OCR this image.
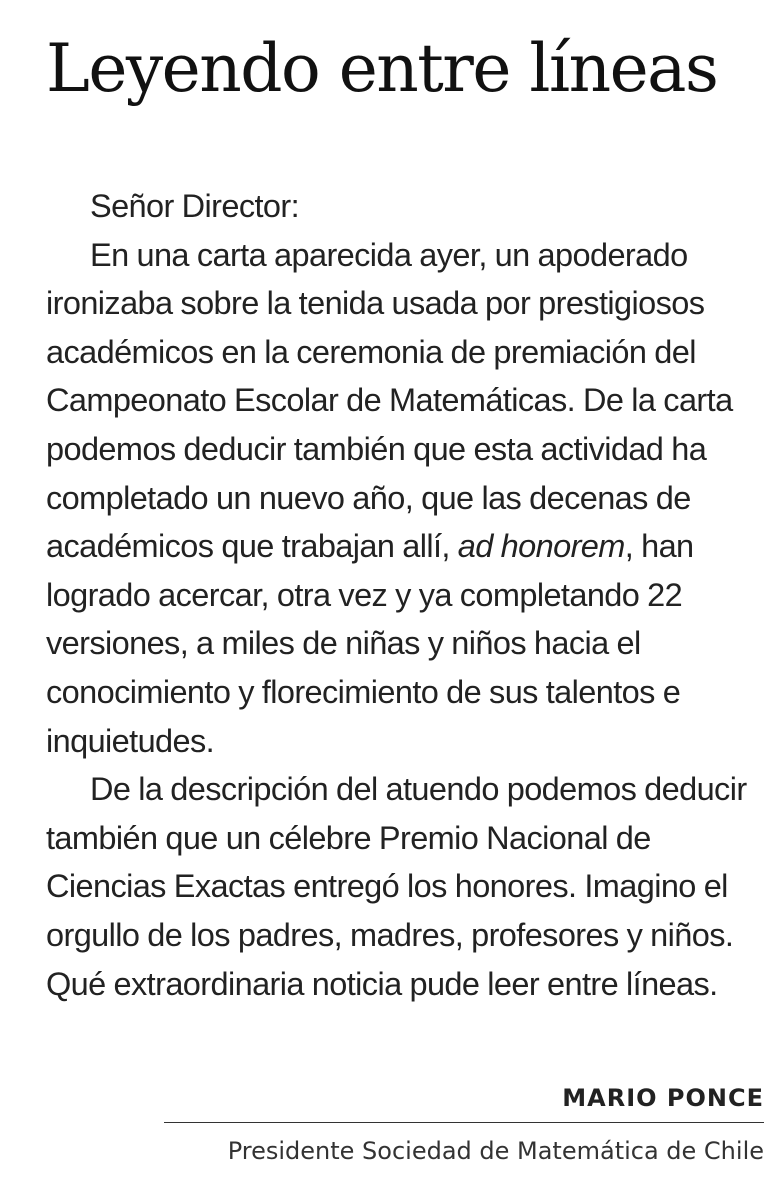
Leyendo entre líneas

Señor Director:

En una carta aparecida ayer, un apoderado ironizaba sobre la tenida usada por prestigiosos académicos en la ceremonia de premiación del Campeonato Escolar de Matemáticas. De la carta podemos deducir también que esta actividad ha completado un nuevo año, que las decenas de académicos que trabajan allí, ad honorem, han logrado acercar, otra vez y ya completando 22 versiones, a miles de niñas y niños hacia el conocimiento y florecimiento de sus talentos e inquietudes.

De la descripción del atuendo podemos deducir también que un célebre Premio Nacional de Ciencias Exactas entregó los honores. Imagino el orgullo de los padres, madres, profesores y niños. Qué extraordinaria noticia pude leer entre líneas.

MARIO PONCE
Presidente Sociedad de Matemática de Chile
